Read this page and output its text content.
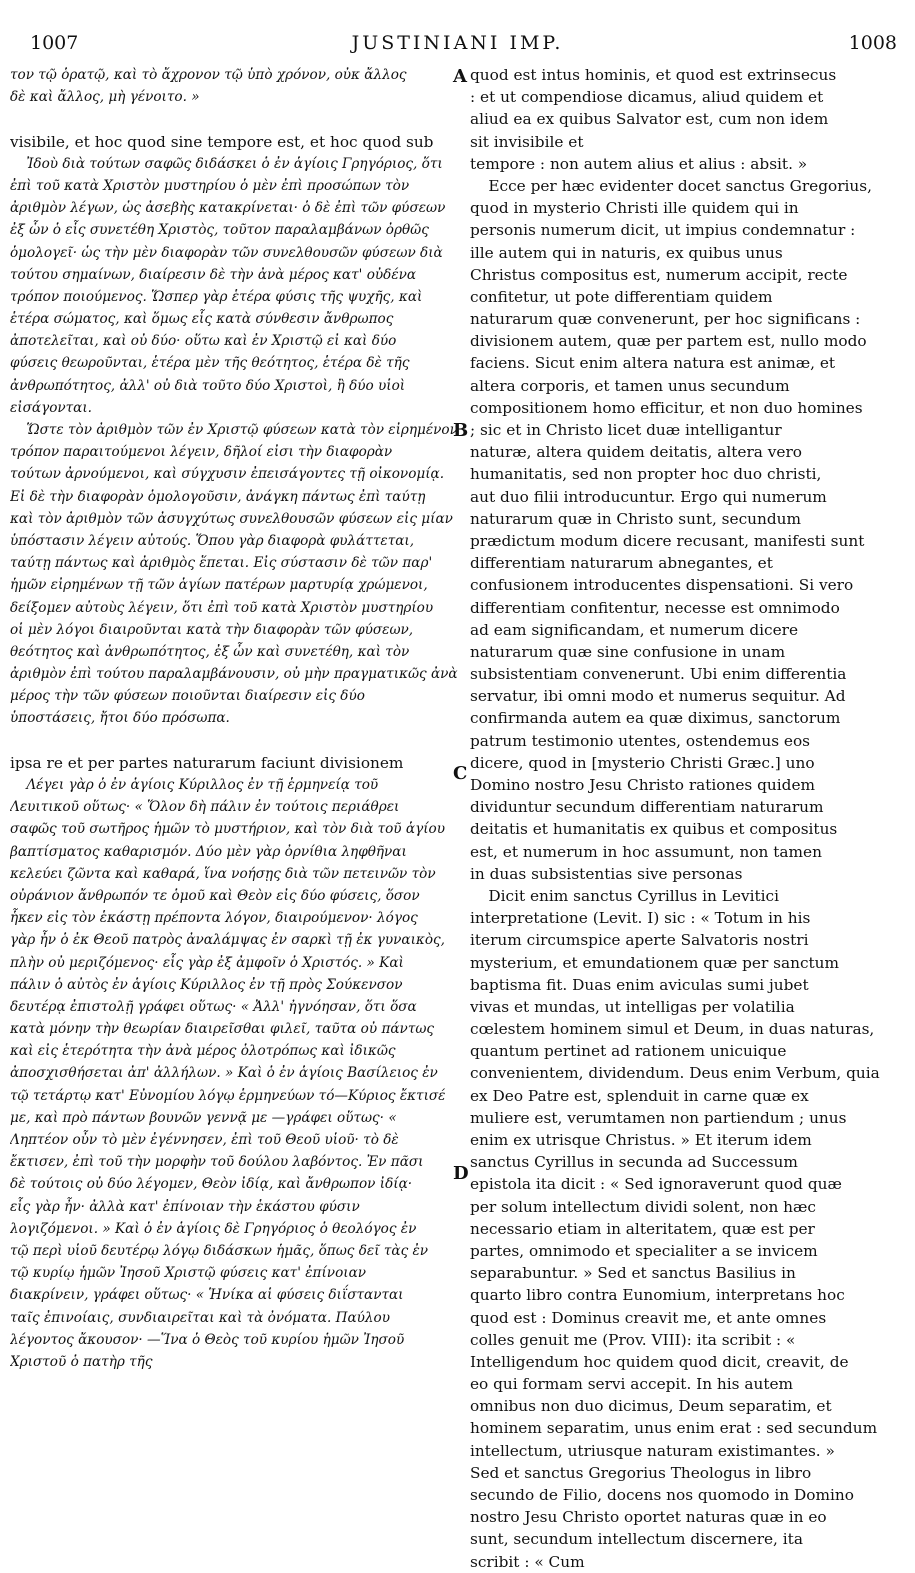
1007	JUSTINIANI IMP.	1008
τον τῷ ὁρατῷ, καὶ τὸ ἄχρονον τῷ ὑπὸ χρόνον, οὐκ ἄλλος
δὲ καὶ ἄλλος, μὴ γένοιτο. »
visibile, et hoc quod sine tempore est, et hoc quod sub
Ἰδοὺ διὰ τούτων σαφῶς διδάσκει ὁ ἐν ἁγίοις Γρηγόριος, ὅτι
ἐπὶ τοῦ κατὰ Χριστὸν μυστηρίου ὁ μὲν ἐπὶ προσώπων τὸν
ἀριθμὸν λέγων, ὡς ἀσεβὴς κατακρίνεται· ὁ δὲ ἐπὶ τῶν φύσεων
ἐξ ὧν ὁ εἷς συνετέθη Χριστὸς, τοῦτον παραλαμβάνων ὀρθῶς
ὁμολογεῖ· ὡς τὴν μὲν διαφορὰν τῶν συνελθουσῶν φύσεων διὰ
τούτου σημαίνων, διαίρεσιν δὲ τὴν ἀνὰ μέρος κατ' οὐδένα
τρόπον ποιούμενος. Ὥσπερ γὰρ ἑτέρα φύσις τῆς ψυχῆς, καὶ
ἑτέρα σώματος, καὶ ὅμως εἷς κατὰ σύνθεσιν ἄνθρωπος
ἀποτελεῖται, καὶ οὐ δύο· οὕτω καὶ ἐν Χριστῷ εἰ καὶ δύο
φύσεις θεωροῦνται, ἑτέρα μὲν τῆς θεότητος, ἑτέρα δὲ τῆς
ἀνθρωπότητος, ἀλλ' οὐ διὰ τοῦτο δύο Χριστοὶ, ἢ δύο υἱοὶ
εἰσάγονται.
Ὥστε τὸν ἀριθμὸν τῶν ἐν Χριστῷ φύσεων κατὰ τὸν εἰρημένον
τρόπον παραιτούμενοι λέγειν, δῆλοί εἰσι τὴν διαφορὰν
τούτων ἀρνούμενοι, καὶ σύγχυσιν ἐπεισάγοντες τῇ οἰκονομίᾳ.
Εἰ δὲ τὴν διαφορὰν ὁμολογοῦσιν, ἀνάγκη πάντως ἐπὶ ταύτῃ
καὶ τὸν ἀριθμὸν τῶν ἀσυγχύτως συνελθουσῶν φύσεων εἰς μίαν
ὑπόστασιν λέγειν αὐτούς. Ὅπου γὰρ διαφορὰ φυλάττεται,
ταύτῃ πάντως καὶ ἀριθμὸς ἕπεται. Εἰς σύστασιν δὲ τῶν παρ'
ἡμῶν εἰρημένων τῇ τῶν ἁγίων πατέρων μαρτυρίᾳ χρώμενοι,
δείξομεν αὐτοὺς λέγειν, ὅτι ἐπὶ τοῦ κατὰ Χριστὸν μυστηρίου
οἱ μὲν λόγοι διαιροῦνται κατὰ τὴν διαφορὰν τῶν φύσεων,
θεότητος καὶ ἀνθρωπότητος, ἐξ ὧν καὶ συνετέθη, καὶ τὸν
ἀριθμὸν ἐπὶ τούτου παραλαμβάνουσιν, οὐ μὴν πραγματικῶς ἀνὰ
μέρος τὴν τῶν φύσεων ποιοῦνται διαίρεσιν εἰς δύο
ὑποστάσεις, ἤτοι δύο πρόσωπα.
ipsa re et per partes naturarum faciunt divisionem
Λέγει γὰρ ὁ ἐν ἁγίοις Κύριλλος ἐν τῇ ἑρμηνείᾳ τοῦ
Λευιτικοῦ οὕτως· « Ὅλον δὴ πάλιν ἐν τούτοις περιάθρει
σαφῶς τοῦ σωτῆρος ἡμῶν τὸ μυστήριον, καὶ τὸν διὰ τοῦ ἁγίου
βαπτίσματος καθαρισμόν. Δύο μὲν γὰρ ὀρνίθια ληφθῆναι
κελεύει ζῶντα καὶ καθαρά, ἵνα νοήσῃς διὰ τῶν πετεινῶν τὸν
οὐράνιον ἄνθρωπόν τε ὁμοῦ καὶ Θεὸν εἰς δύο φύσεις, ὅσον
ἧκεν εἰς τὸν ἑκάστῃ πρέποντα λόγον, διαιρούμενον· λόγος
γὰρ ἦν ὁ ἐκ Θεοῦ πατρὸς ἀναλάμψας ἐν σαρκὶ τῇ ἐκ γυναικὸς,
πλὴν οὐ μεριζόμενος· εἷς γὰρ ἐξ ἀμφοῖν ὁ Χριστός. » Καὶ
πάλιν ὁ αὐτὸς ἐν ἁγίοις Κύριλλος ἐν τῇ πρὸς Σούκενσον
δευτέρᾳ ἐπιστολῇ γράφει οὕτως· « Ἀλλ' ἠγνόησαν, ὅτι ὅσα
κατὰ μόνην τὴν θεωρίαν διαιρεῖσθαι φιλεῖ, ταῦτα οὐ πάντως
καὶ εἰς ἑτερότητα τὴν ἀνὰ μέρος ὁλοτρόπως καὶ ἰδικῶς
ἀποσχισθήσεται ἀπ' ἀλλήλων. » Καὶ ὁ ἐν ἁγίοις Βασίλειος ἐν
τῷ τετάρτῳ κατ' Εὐνομίου λόγῳ ἑρμηνεύων τό—Κύριος ἔκτισέ
με, καὶ πρὸ πάντων βουνῶν γεννᾷ με —γράφει οὕτως· «
Ληπτέον οὖν τὸ μὲν ἐγέννησεν, ἐπὶ τοῦ Θεοῦ υἱοῦ· τὸ δὲ
ἔκτισεν, ἐπὶ τοῦ τὴν μορφὴν τοῦ δούλου λαβόντος. Ἐν πᾶσι
δὲ τούτοις οὐ δύο λέγομεν, Θεὸν ἰδίᾳ, καὶ ἄνθρωπον ἰδίᾳ·
εἷς γὰρ ἦν· ἀλλὰ κατ' ἐπίνοιαν τὴν ἑκάστου φύσιν
λογιζόμενοι. » Καὶ ὁ ἐν ἁγίοις δὲ Γρηγόριος ὁ θεολόγος ἐν
τῷ περὶ υἱοῦ δευτέρῳ λόγῳ διδάσκων ἡμᾶς, ὅπως δεῖ τὰς ἐν
τῷ κυρίῳ ἡμῶν Ἰησοῦ Χριστῷ φύσεις κατ' ἐπίνοιαν
διακρίνειν, γράφει οὕτως· « Ἡνίκα αἱ φύσεις διΐστανται
ταῖς ἐπινοίαις, συνδιαιρεῖται καὶ τὰ ὀνόματα. Παύλου
λέγοντος ἄκουσον· —Ἵνα ὁ Θεὸς τοῦ κυρίου ἡμῶν Ἰησοῦ
Χριστοῦ ὁ πατὴρ τῆς
quod est intus hominis, et quod est extrinsecus
: et ut compendiose dicamus, aliud quidem et
aliud ea ex quibus Salvator est, cum non idem
sit invisibile et
tempore : non autem alius et alius : absit. »
Ecce per hæc evidenter docet sanctus Gregorius,
quod in mysterio Christi ille quidem qui in
personis numerum dicit, ut impius condemnatur :
ille autem qui in naturis, ex quibus unus
Christus compositus est, numerum accipit, recte
confitetur, ut pote differentiam quidem
naturarum quæ convenerunt, per hoc significans :
divisionem autem, quæ per partem est, nullo modo
faciens. Sicut enim altera natura est animæ, et
altera corporis, et tamen unus secundum
compositionem homo efficitur, et non duo homines
; sic et in Christo licet duæ intelligantur
naturæ, altera quidem deitatis, altera vero
humanitatis, sed non propter hoc duo christi,
aut duo filii introducuntur. Ergo qui numerum
naturarum quæ in Christo sunt, secundum
prædictum modum dicere recusant, manifesti sunt
differentiam naturarum abnegantes, et
confusionem introducentes dispensationi. Si vero
differentiam confitentur, necesse est omnimodo
ad eam significandam, et numerum dicere
naturarum quæ sine confusione in unam
subsistentiam convenerunt. Ubi enim differentia
servatur, ibi omni modo et numerus sequitur. Ad
confirmanda autem ea quæ diximus, sanctorum
patrum testimonio utentes, ostendemus eos
dicere, quod in [mysterio Christi Græc.] uno
Domino nostro Jesu Christo rationes quidem
dividuntur secundum differentiam naturarum
deitatis et humanitatis ex quibus et compositus
est, et numerum in hoc assumunt, non tamen
in duas subsistentias sive personas
Dicit enim sanctus Cyrillus in Levitici
interpretatione (Levit. I) sic : « Totum in his
iterum circumspice aperte Salvatoris nostri
mysterium, et emundationem quæ per sanctum
baptisma fit. Duas enim aviculas sumi jubet
vivas et mundas, ut intelligas per volatilia
cœlestem hominem simul et Deum, in duas naturas,
quantum pertinet ad rationem unicuique
convenientem, dividendum. Deus enim Verbum, quia
ex Deo Patre est, splenduit in carne quæ ex
muliere est, verumtamen non partiendum ; unus
enim ex utrisque Christus. » Et iterum idem
sanctus Cyrillus in secunda ad Successum
epistola ita dicit : « Sed ignoraverunt quod quæ
per solum intellectum dividi solent, non hæc
necessario etiam in alteritatem, quæ est per
partes, omnimodo et specialiter a se invicem
separabuntur. » Sed et sanctus Basilius in
quarto libro contra Eunomium, interpretans hoc
quod est : Dominus creavit me, et ante omnes
colles genuit me (Prov. VIII): ita scribit : «
Intelligendum hoc quidem quod dicit, creavit, de
eo qui formam servi accepit. In his autem
omnibus non duo dicimus, Deum separatim, et
hominem separatim, unus enim erat : sed secundum
intellectum, utriusque naturam existimantes. »
Sed et sanctus Gregorius Theologus in libro
secundo de Filio, docens nos quomodo in Domino
nostro Jesu Christo oportet naturas quæ in eo
sunt, secundum intellectum discernere, ita
scribit : « Cum
A
B
C
D
